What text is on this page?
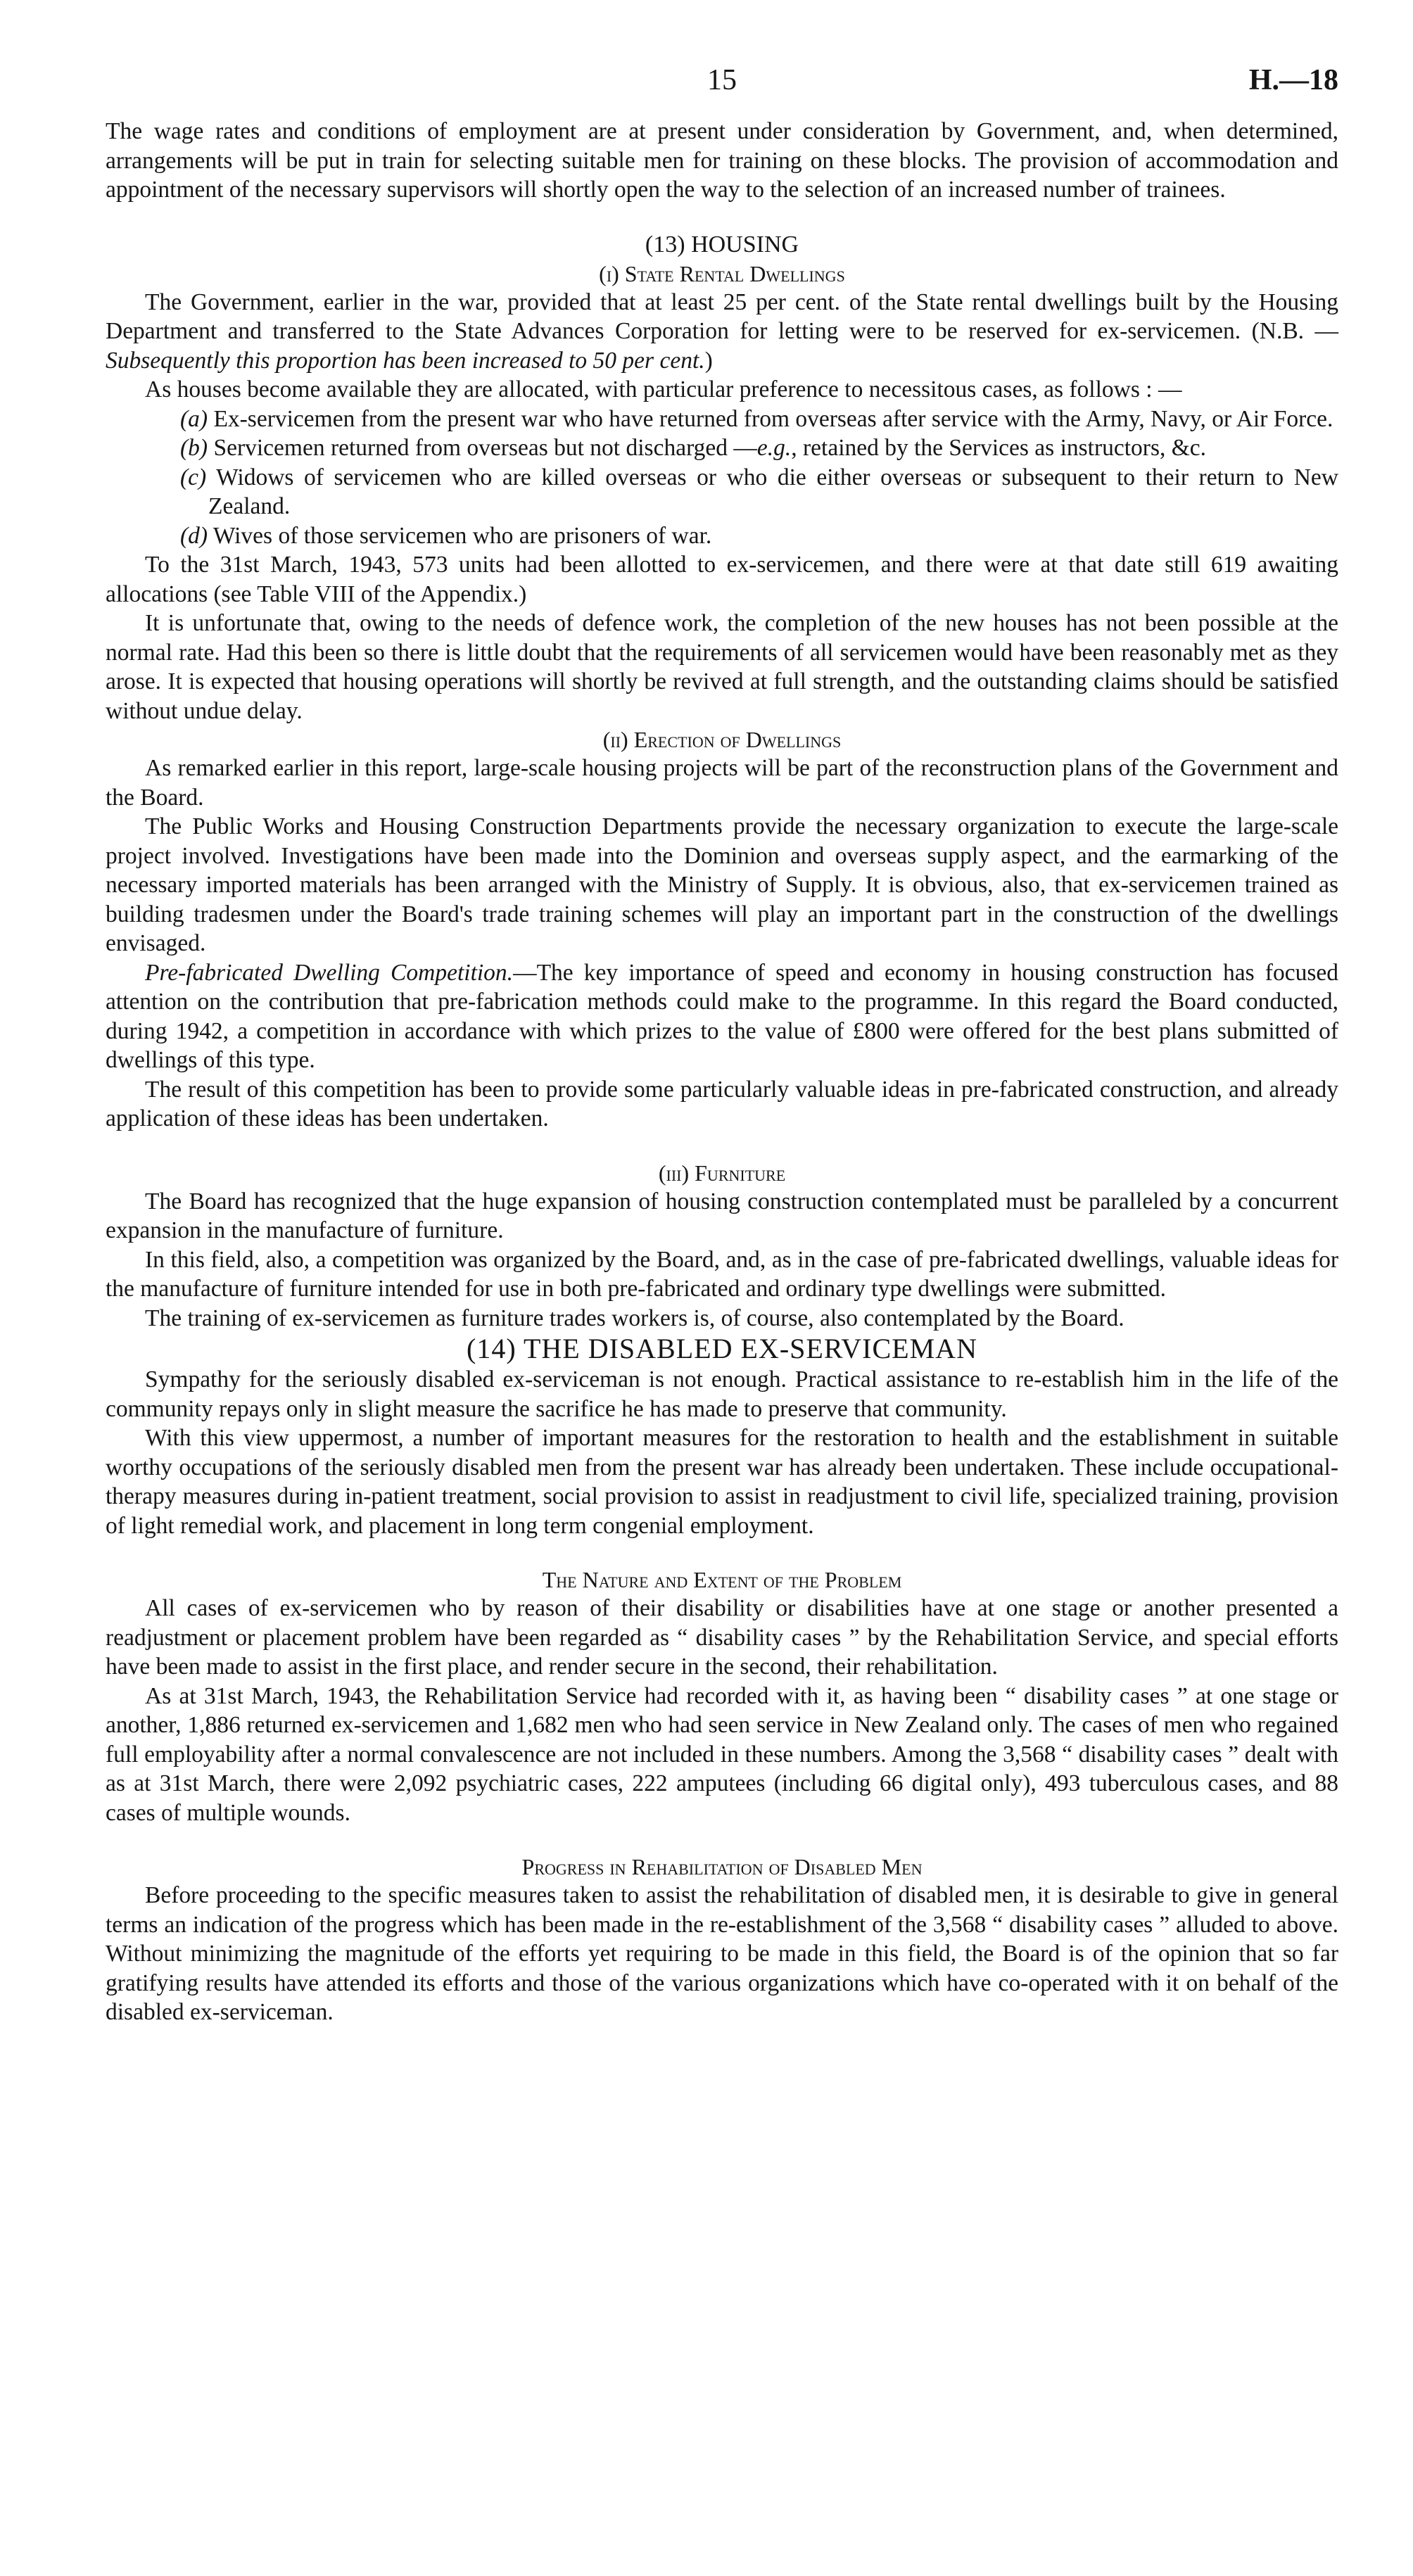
15	H.—18

The wage rates and conditions of employment are at present under consideration by Government, and, when determined, arrangements will be put in train for selecting suitable men for training on these blocks. The provision of accommodation and appointment of the necessary supervisors will shortly open the way to the selection of an increased number of trainees.

(13) HOUSING
(i) State Rental Dwellings

The Government, earlier in the war, provided that at least 25 per cent. of the State rental dwellings built by the Housing Department and transferred to the State Advances Corporation for letting were to be reserved for ex-servicemen. (N.B. —Subsequently this proportion has been increased to 50 per cent.)

As houses become available they are allocated, with particular preference to necessitous cases, as follows : —

(a) Ex-servicemen from the present war who have returned from overseas after service with the Army, Navy, or Air Force.

(b) Servicemen returned from overseas but not discharged —e.g., retained by the Services as instructors, &c.

(c) Widows of servicemen who are killed overseas or who die either overseas or subsequent to their return to New Zealand.

(d) Wives of those servicemen who are prisoners of war.

To the 31st March, 1943, 573 units had been allotted to ex-servicemen, and there were at that date still 619 awaiting allocations (see Table VIII of the Appendix.)

It is unfortunate that, owing to the needs of defence work, the completion of the new houses has not been possible at the normal rate. Had this been so there is little doubt that the requirements of all servicemen would have been reasonably met as they arose. It is expected that housing operations will shortly be revived at full strength, and the outstanding claims should be satisfied without undue delay.

(ii) Erection of Dwellings

As remarked earlier in this report, large-scale housing projects will be part of the reconstruction plans of the Government and the Board.

The Public Works and Housing Construction Departments provide the necessary organization to execute the large-scale project involved. Investigations have been made into the Dominion and overseas supply aspect, and the earmarking of the necessary imported materials has been arranged with the Ministry of Supply. It is obvious, also, that ex-servicemen trained as building tradesmen under the Board's trade training schemes will play an important part in the construction of the dwellings envisaged.

Pre-fabricated Dwelling Competition.—The key importance of speed and economy in housing construction has focused attention on the contribution that pre-fabrication methods could make to the programme. In this regard the Board conducted, during 1942, a competition in accordance with which prizes to the value of £800 were offered for the best plans submitted of dwellings of this type.

The result of this competition has been to provide some particularly valuable ideas in pre-fabricated construction, and already application of these ideas has been undertaken.

(iii) Furniture

The Board has recognized that the huge expansion of housing construction contemplated must be paralleled by a concurrent expansion in the manufacture of furniture.

In this field, also, a competition was organized by the Board, and, as in the case of pre-fabricated dwellings, valuable ideas for the manufacture of furniture intended for use in both pre-fabricated and ordinary type dwellings were submitted.

The training of ex-servicemen as furniture trades workers is, of course, also contemplated by the Board.

(14) THE DISABLED EX-SERVICEMAN

Sympathy for the seriously disabled ex-serviceman is not enough. Practical assistance to re-establish him in the life of the community repays only in slight measure the sacrifice he has made to preserve that community.

With this view uppermost, a number of important measures for the restoration to health and the establishment in suitable worthy occupations of the seriously disabled men from the present war has already been undertaken. These include occupational-therapy measures during in-patient treatment, social provision to assist in readjustment to civil life, specialized training, provision of light remedial work, and placement in long term congenial employment.

The Nature and Extent of the Problem

All cases of ex-servicemen who by reason of their disability or disabilities have at one stage or another presented a readjustment or placement problem have been regarded as “ disability cases ” by the Rehabilitation Service, and special efforts have been made to assist in the first place, and render secure in the second, their rehabilitation.

As at 31st March, 1943, the Rehabilitation Service had recorded with it, as having been “ disability cases ” at one stage or another, 1,886 returned ex-servicemen and 1,682 men who had seen service in New Zealand only. The cases of men who regained full employability after a normal convalescence are not included in these numbers. Among the 3,568 “ disability cases ” dealt with as at 31st March, there were 2,092 psychiatric cases, 222 amputees (including 66 digital only), 493 tuberculous cases, and 88 cases of multiple wounds.

Progress in Rehabilitation of Disabled Men

Before proceeding to the specific measures taken to assist the rehabilitation of disabled men, it is desirable to give in general terms an indication of the progress which has been made in the re-establishment of the 3,568 “ disability cases ” alluded to above. Without minimizing the magnitude of the efforts yet requiring to be made in this field, the Board is of the opinion that so far gratifying results have attended its efforts and those of the various organizations which have co-operated with it on behalf of the disabled ex-serviceman.
